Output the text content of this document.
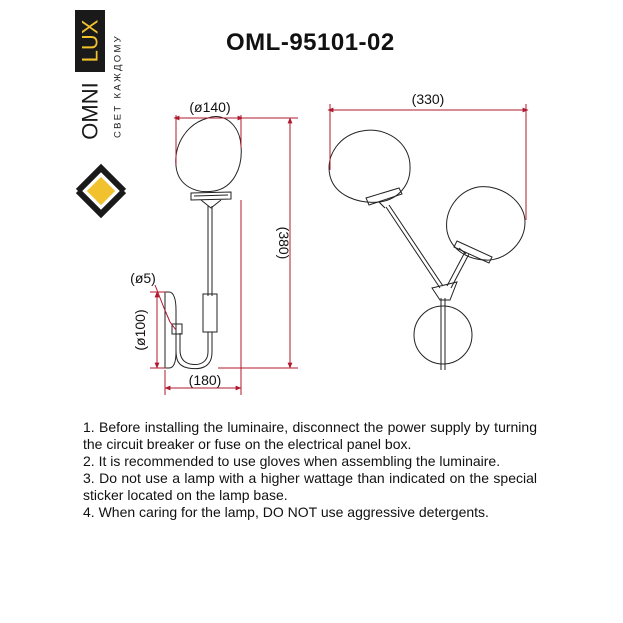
LUX
OMNI СВЕТ КАЖДОМУ	OML-95101-02
(ø140)
(380)
(ø5)
(ø100)
(180)
(330)

1. Before installing the luminaire, disconnect the power supply by turning the circuit breaker or fuse on the electrical panel box.

2. It is recommended to use gloves when assembling the luminaire.

3. Do not use a lamp with a higher wattage than indicated on the special sticker located on the lamp base.

4. When caring for the lamp, DO NOT use aggressive detergents.
